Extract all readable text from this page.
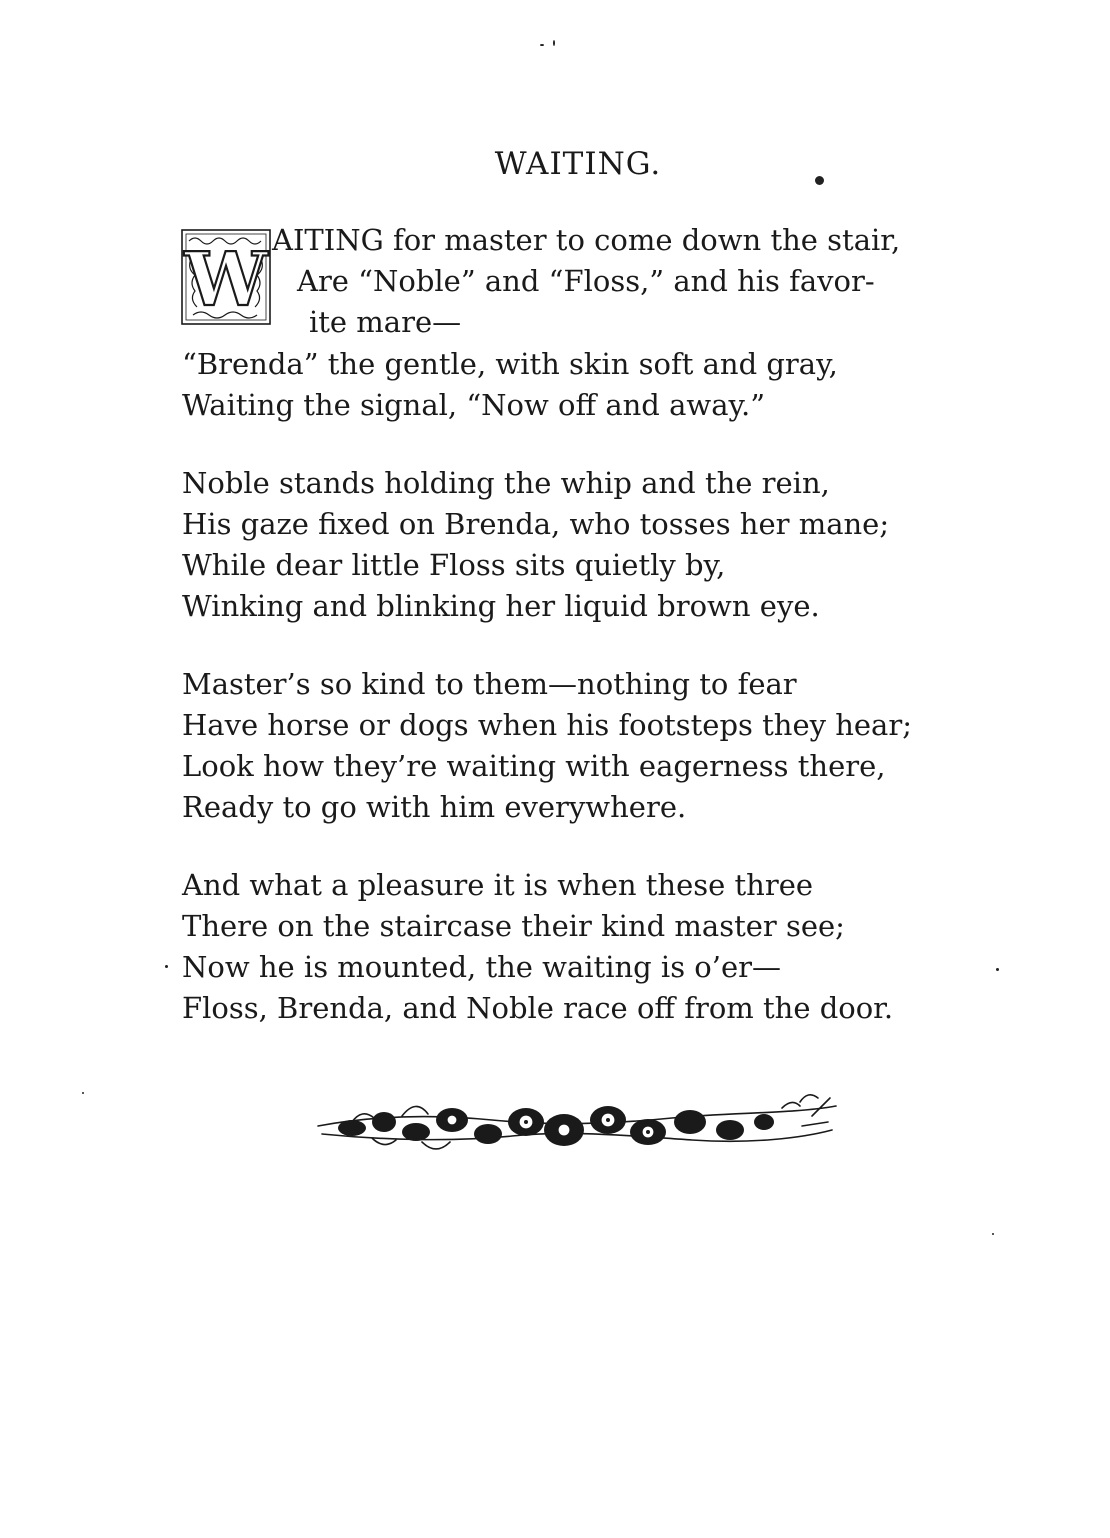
WAITING.
W AITING for master to come down the stair,

Are “Noble” and “Floss,” and his favor-

ite mare—

“Brenda” the gentle, with skin soft and gray,

Waiting the signal, “Now off and away.”

Noble stands holding the whip and the rein,

His gaze fixed on Brenda, who tosses her mane;

While dear little Floss sits quietly by,

Winking and blinking her liquid brown eye.

Master’s so kind to them—nothing to fear

Have horse or dogs when his footsteps they hear;

Look how they’re waiting with eagerness there,

Ready to go with him everywhere.

And what a pleasure it is when these three

There on the staircase their kind master see;

Now he is mounted, the waiting is o’er—

Floss, Brenda, and Noble race off from the door.
